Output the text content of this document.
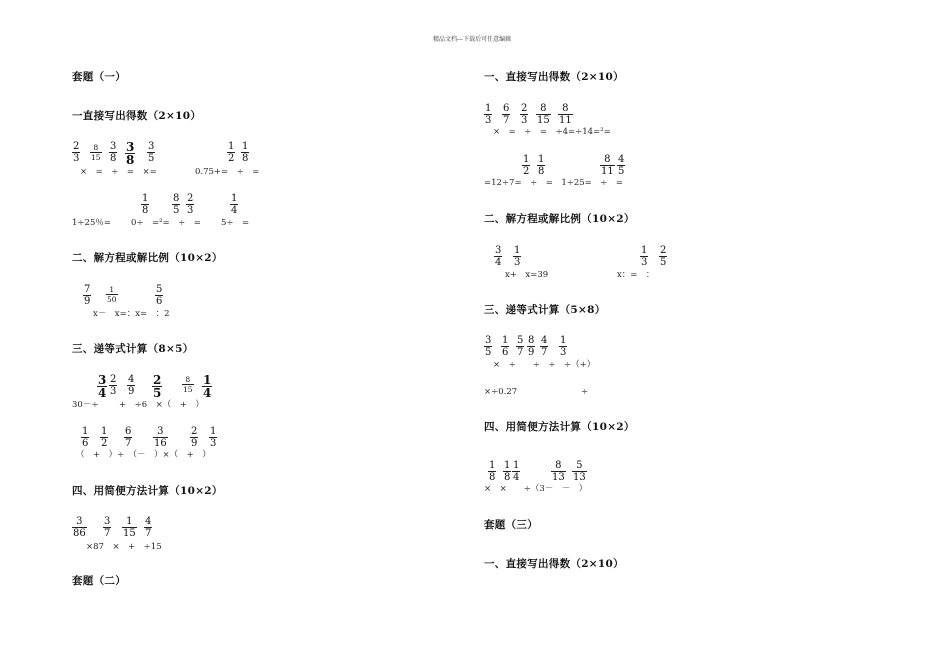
精品文档---下载后可任意编辑
套题（一）
一直接写出得数（2×10）
2
3
8
15
3
8
3
8
3
5
1
2
1
8
1
8
8
5
2
3
1
4
7
9
1
50
5
6
3
4
2
3
4
9
2
5
8
15
1
4
1
6
1
2
6
7
3
16
2
9
1
3
3
86
3
7
1
15
4
7
×　=　÷　=　×=	0.75+=　÷　=
1÷25％= 0÷　=²=　÷　= 5÷　=
二、解方程或解比例（10×2）
x－　x=：x=　：2
三、递等式计算（8×5）
30－÷ +　÷6　×（　+　）
（　+　）÷　（－　）×（　+　）
四、用简便方法计算（10×2）
×87　×　+　÷15
套题（二）
一、直接写出得数（2×10）
1
3
6
7
2
3
8
15
8
11
1
2
1
8
8
11
4
5
3
4
1
3
1
3
2
5
3
5
1
6
5
7
8
9
4
7
1
3
1
8
1
8
1
4
8
13
5
13
×　=　÷　=　÷4=÷14=²=
=12÷7=　÷　=　1÷25=　÷　=
二、解方程或解比例（10×2）
x+　x=39	x：=　：
三、递等式计算（5×8）
×　÷　　÷　÷　÷（+）
×÷0.27	÷
四、用简便方法计算（10×2）
×　×　　÷（3－　－　）
套题（三）
一、直接写出得数（2×10）
